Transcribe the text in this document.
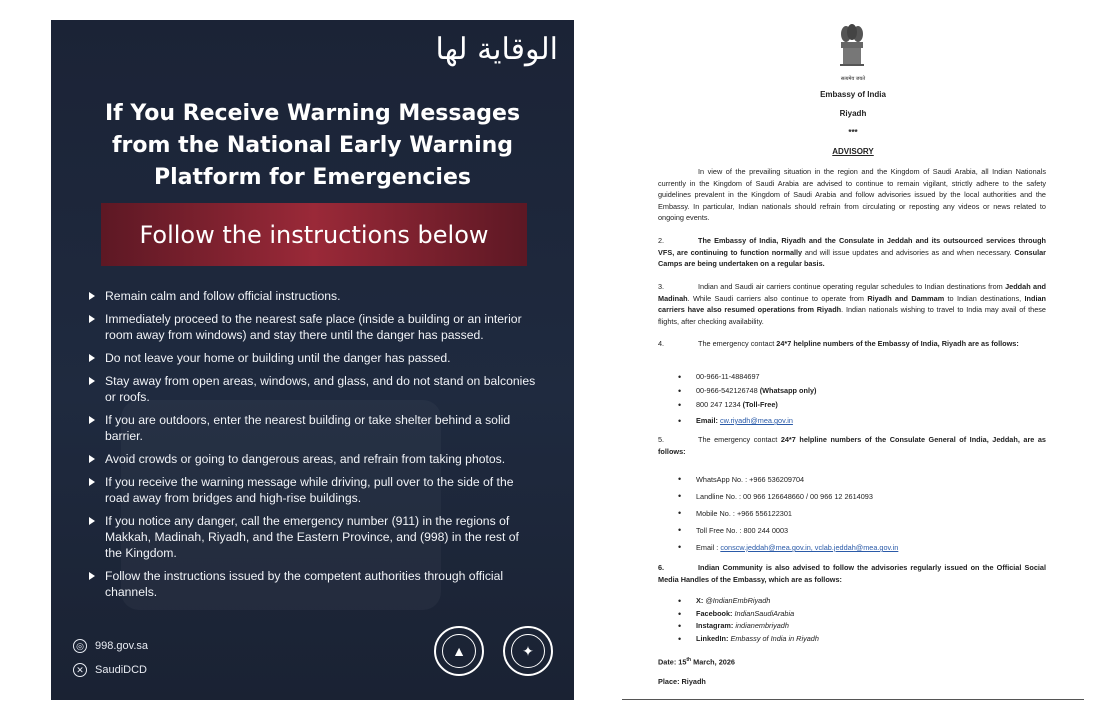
الوقاية لها
If You Receive Warning Messages
from the National Early Warning
Platform for Emergencies
Follow the instructions below
Remain calm and follow official instructions.
Immediately proceed to the nearest safe place (inside a building or an interior room away from windows) and stay there until the danger has passed.
Do not leave your home or building until the danger has passed.
Stay away from open areas, windows, and glass, and do not stand on balconies or roofs.
If you are outdoors, enter the nearest building or take shelter behind a solid barrier.
Avoid crowds or going to dangerous areas, and refrain from taking photos.
If you receive the warning message while driving, pull over to the side of the road away from bridges and high-rise buildings.
If you notice any danger, call the emergency number (911) in the regions of Makkah, Madinah, Riyadh, and the Eastern Province, and (998) in the rest of the Kingdom.
Follow the instructions issued by the competent authorities through official channels.
◎ 998.gov.sa
✕ SaudiDCD
▲	✦
सत्यमेव जयते
Embassy of India
Riyadh
***
ADVISORY
In view of the prevailing situation in the region and the Kingdom of Saudi Arabia, all Indian Nationals currently in the Kingdom of Saudi Arabia are advised to continue to remain vigilant, strictly adhere to the safety guidelines prevalent in the Kingdom of Saudi Arabia and follow advisories issued by the local authorities and the Embassy. In particular, Indian nationals should refrain from circulating or reposting any videos or news related to ongoing events.
2.	The Embassy of India, Riyadh and the Consulate in Jeddah and its outsourced services through VFS, are continuing to function normally and will issue updates and advisories as and when necessary. Consular Camps are being undertaken on a regular basis.
3.	Indian and Saudi air carriers continue operating regular schedules to Indian destinations from Jeddah and Madinah. While Saudi carriers also continue to operate from Riyadh and Dammam to Indian destinations, Indian carriers have also resumed operations from Riyadh. Indian nationals wishing to travel to India may avail of these flights, after checking availability.
4.	The emergency contact 24*7 helpline numbers of the Embassy of India, Riyadh are as follows:
• 00-966-11-4884697
• 00-966-542126748 (Whatsapp only)
• 800 247 1234 (Toll-Free)
• Email: cw.riyadh@mea.gov.in
5.	The emergency contact 24*7 helpline numbers of the Consulate General of India, Jeddah, are as follows:
• WhatsApp No. : +966 536209704
• Landline No. : 00 966 126648660 / 00 966 12 2614093
• Mobile No. : +966 556122301
• Toll Free No. : 800 244 0003
• Email : conscw.jeddah@mea.gov.in, vclab.jeddah@mea.gov.in
6.	Indian Community is also advised to follow the advisories regularly issued on the Official Social Media Handles of the Embassy, which are as follows:
• X: @IndianEmbRiyadh
• Facebook: IndianSaudiArabia
• Instagram: indianembriyadh
• LinkedIn: Embassy of India in Riyadh
Date: 15th March, 2026
Place: Riyadh
